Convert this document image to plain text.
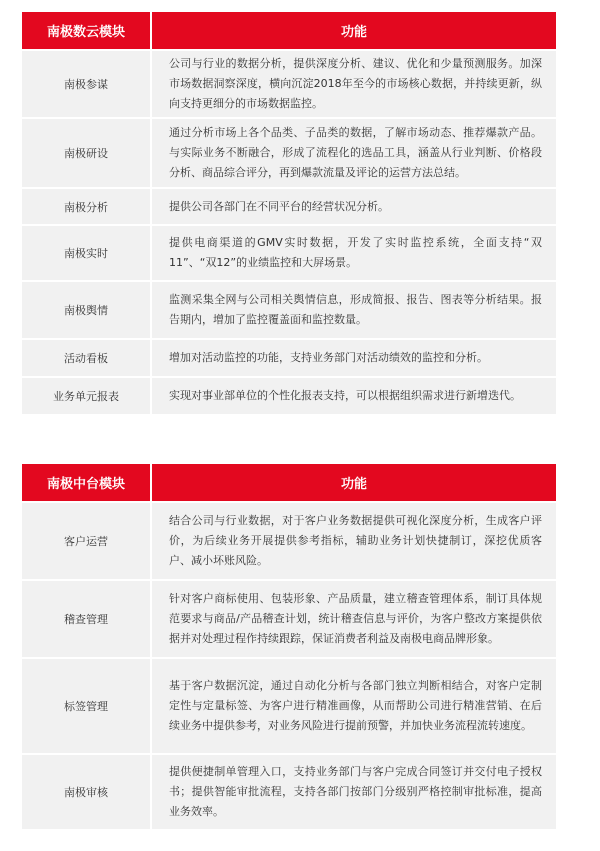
南极数云模块	功能
南极参谋	公司与行业的数据分析，提供深度分析、建议、优化和少量预测服务。加深市场数据洞察深度，横向沉淀2018年至今的市场核心数据，并持续更新，纵向支持更细分的市场数据监控。
南极研设	通过分析市场上各个品类、子品类的数据，了解市场动态、推荐爆款产品。与实际业务不断融合，形成了流程化的选品工具，涵盖从行业判断、价格段分析、商品综合评分，再到爆款流量及评论的运营方法总结。
南极分析	提供公司各部门在不同平台的经营状况分析。
南极实时	提供电商渠道的GMV实时数据，开发了实时监控系统，全面支持“双11”、“双12”的业绩监控和大屏场景。
南极舆情	监测采集全网与公司相关舆情信息，形成简报、报告、图表等分析结果。报告期内，增加了监控覆盖面和监控数量。
活动看板	增加对活动监控的功能，支持业务部门对活动绩效的监控和分析。
业务单元报表	实现对事业部单位的个性化报表支持，可以根据组织需求进行新增迭代。
南极中台模块	功能
客户运营	结合公司与行业数据，对于客户业务数据提供可视化深度分析，生成客户评价，为后续业务开展提供参考指标，辅助业务计划快捷制订，深挖优质客户、减小坏账风险。
稽查管理	针对客户商标使用、包装形象、产品质量，建立稽查管理体系，制订具体规范要求与商品/产品稽查计划，统计稽查信息与评价，为客户整改方案提供依据并对处理过程作持续跟踪，保证消费者利益及南极电商品牌形象。
标签管理	基于客户数据沉淀，通过自动化分析与各部门独立判断相结合，对客户定制定性与定量标签、为客户进行精准画像，从而帮助公司进行精准营销、在后续业务中提供参考，对业务风险进行提前预警，并加快业务流程流转速度。
南极审核	提供便捷制单管理入口，支持业务部门与客户完成合同签订并交付电子授权书；提供智能审批流程，支持各部门按部门分级别严格控制审批标准，提高业务效率。
